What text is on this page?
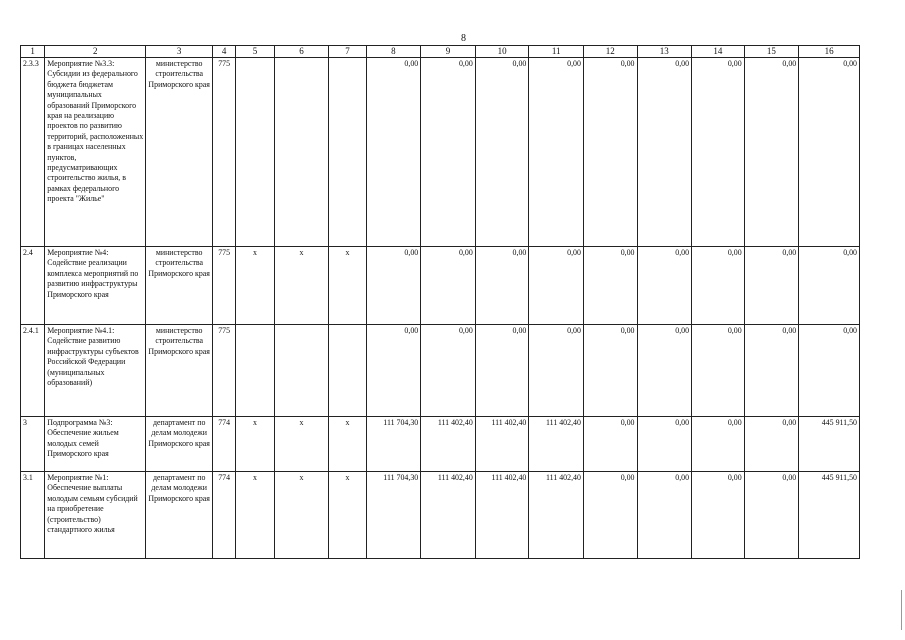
8
1	2	3	4	5	6	7	8	9	10	11	12	13	14	15	16
2.3.3	Мероприятие №3.3: Субсидии из федерального бюджета бюджетам муниципальных образований Приморского края на реализацию проектов по развитию территорий, расположенных в границах населенных пунктов, предусматривающих строительство жилья, в рамках федерального проекта "Жилье"	министерство строительства Приморского края	775				0,00	0,00	0,00	0,00	0,00	0,00	0,00	0,00	0,00
2.4	Мероприятие №4: Содействие реализации комплекса мероприятий по развитию инфраструктуры Приморского края	министерство строительства Приморского края	775	x	x	x	0,00	0,00	0,00	0,00	0,00	0,00	0,00	0,00	0,00
2.4.1	Мероприятие №4.1: Содействие развитию инфраструктуры субъектов Российской Федерации (муниципальных образований)	министерство строительства Приморского края	775				0,00	0,00	0,00	0,00	0,00	0,00	0,00	0,00	0,00
3	Подпрограмма №3: Обеспечение жильем молодых семей Приморского края	департамент по делам молодежи Приморского края	774	x	x	x	111 704,30	111 402,40	111 402,40	111 402,40	0,00	0,00	0,00	0,00	445 911,50
3.1	Мероприятие №1: Обеспечение выплаты молодым семьям субсидий на приобретение (строительство) стандартного жилья	департамент по делам молодежи Приморского края	774	x	x	x	111 704,30	111 402,40	111 402,40	111 402,40	0,00	0,00	0,00	0,00	445 911,50
